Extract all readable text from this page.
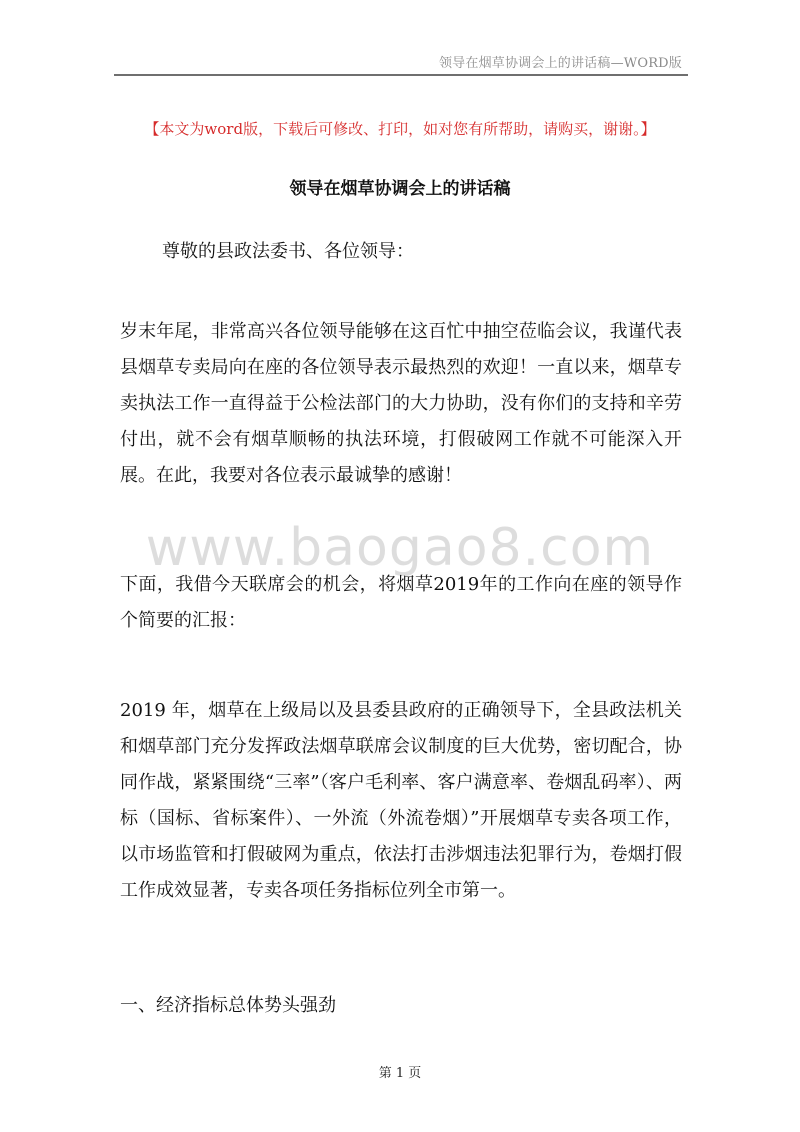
领导在烟草协调会上的讲话稿—WORD版
【本文为word版，下载后可修改、打印，如对您有所帮助，请购买，谢谢。】
领导在烟草协调会上的讲话稿
尊敬的县政法委书、各位领导：
岁末年尾，非常高兴各位领导能够在这百忙中抽空莅临会议，我谨代表县烟草专卖局向在座的各位领导表示最热烈的欢迎！一直以来，烟草专卖执法工作一直得益于公检法部门的大力协助，没有你们的支持和辛劳付出，就不会有烟草顺畅的执法环境，打假破网工作就不可能深入开展。在此，我要对各位表示最诚挚的感谢！
www.baogao8.com
下面，我借今天联席会的机会，将烟草2019年的工作向在座的领导作个简要的汇报：
2019 年，烟草在上级局以及县委县政府的正确领导下，全县政法机关和烟草部门充分发挥政法烟草联席会议制度的巨大优势，密切配合，协同作战，紧紧围绕“三率”（客户毛利率、客户满意率、卷烟乱码率）、两标（国标、省标案件）、一外流（外流卷烟）”开展烟草专卖各项工作，以市场监管和打假破网为重点，依法打击涉烟违法犯罪行为，卷烟打假工作成效显著，专卖各项任务指标位列全市第一。
一、经济指标总体势头强劲
第 1 页
